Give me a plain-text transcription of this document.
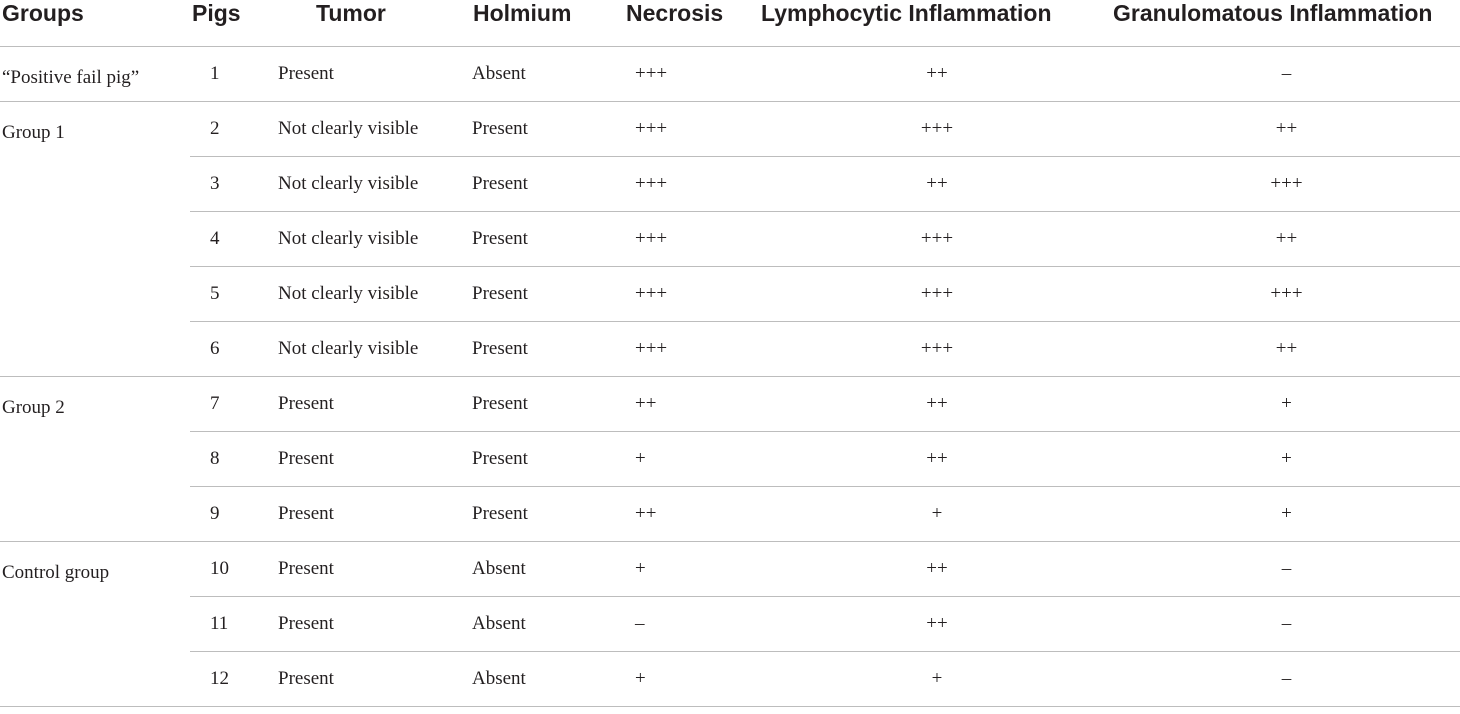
Groups	Pigs	Tumor	Holmium	Necrosis	Lymphocytic Inflammation	Granulomatous Inflammation
“Positive fail pig”	1	Present	Absent	+++	++	–
Group 1	2	Not clearly visible	Present	+++	+++	++
	3	Not clearly visible	Present	+++	++	+++
	4	Not clearly visible	Present	+++	+++	++
	5	Not clearly visible	Present	+++	+++	+++
	6	Not clearly visible	Present	+++	+++	++
Group 2	7	Present	Present	++	++	+
	8	Present	Present	+	++	+
	9	Present	Present	++	+	+
Control group	10	Present	Absent	+	++	–
	11	Present	Absent	–	++	–
	12	Present	Absent	+	+	–
